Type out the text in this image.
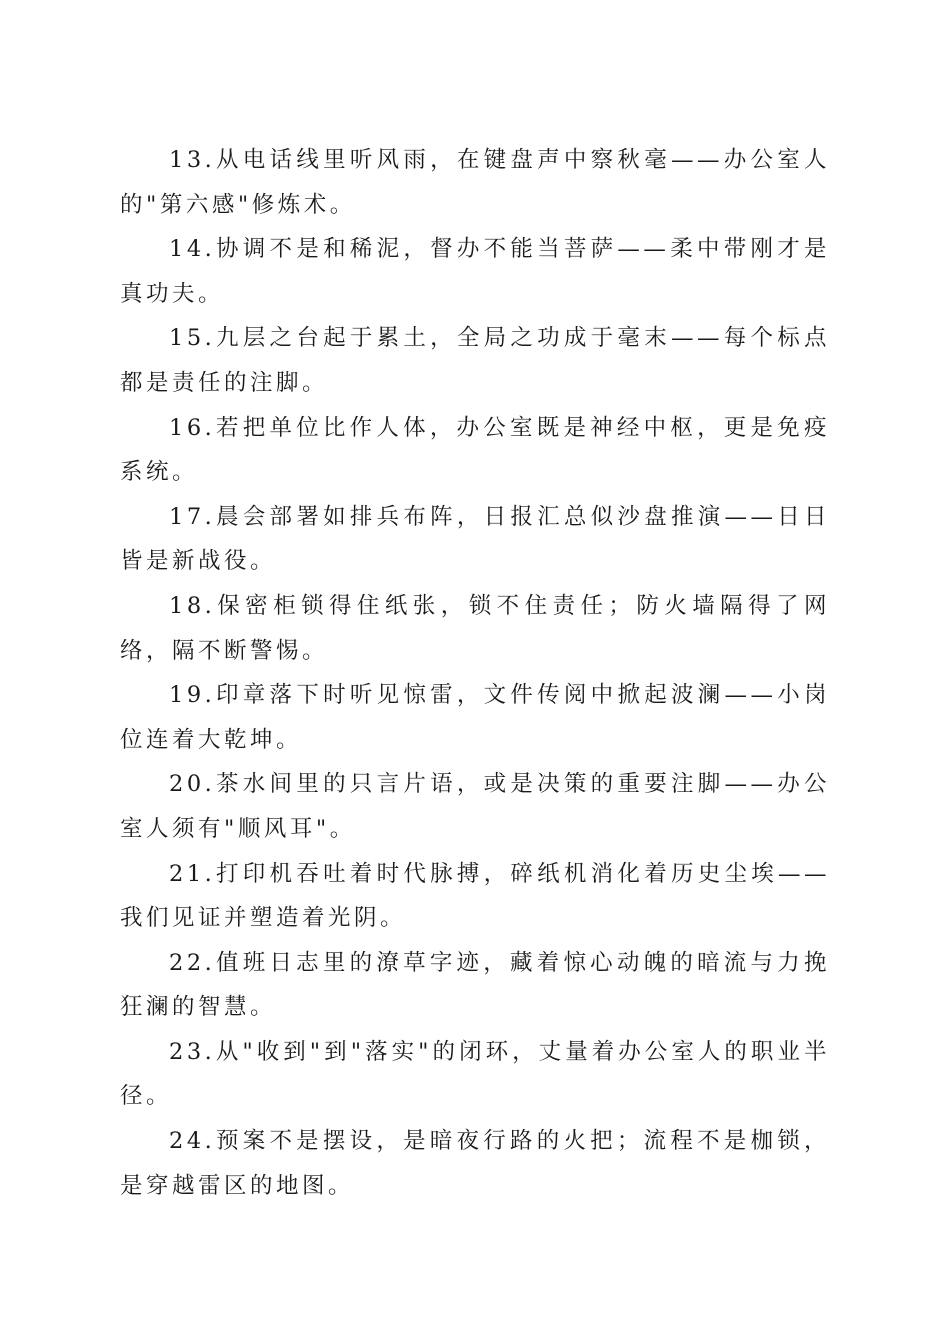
13.从电话线里听风雨，在键盘声中察秋毫——办公室人的"第六感"修炼术。

14.协调不是和稀泥，督办不能当菩萨——柔中带刚才是真功夫。

15.九层之台起于累土，全局之功成于毫末——每个标点都是责任的注脚。

16.若把单位比作人体，办公室既是神经中枢，更是免疫系统。

17.晨会部署如排兵布阵，日报汇总似沙盘推演——日日皆是新战役。

18.保密柜锁得住纸张，锁不住责任；防火墙隔得了网络，隔不断警惕。

19.印章落下时听见惊雷，文件传阅中掀起波澜——小岗位连着大乾坤。

20.茶水间里的只言片语，或是决策的重要注脚——办公室人须有"顺风耳"。

21.打印机吞吐着时代脉搏，碎纸机消化着历史尘埃——我们见证并塑造着光阴。

22.值班日志里的潦草字迹，藏着惊心动魄的暗流与力挽狂澜的智慧。

23.从"收到"到"落实"的闭环，丈量着办公室人的职业半径。

24.预案不是摆设，是暗夜行路的火把；流程不是枷锁，是穿越雷区的地图。
